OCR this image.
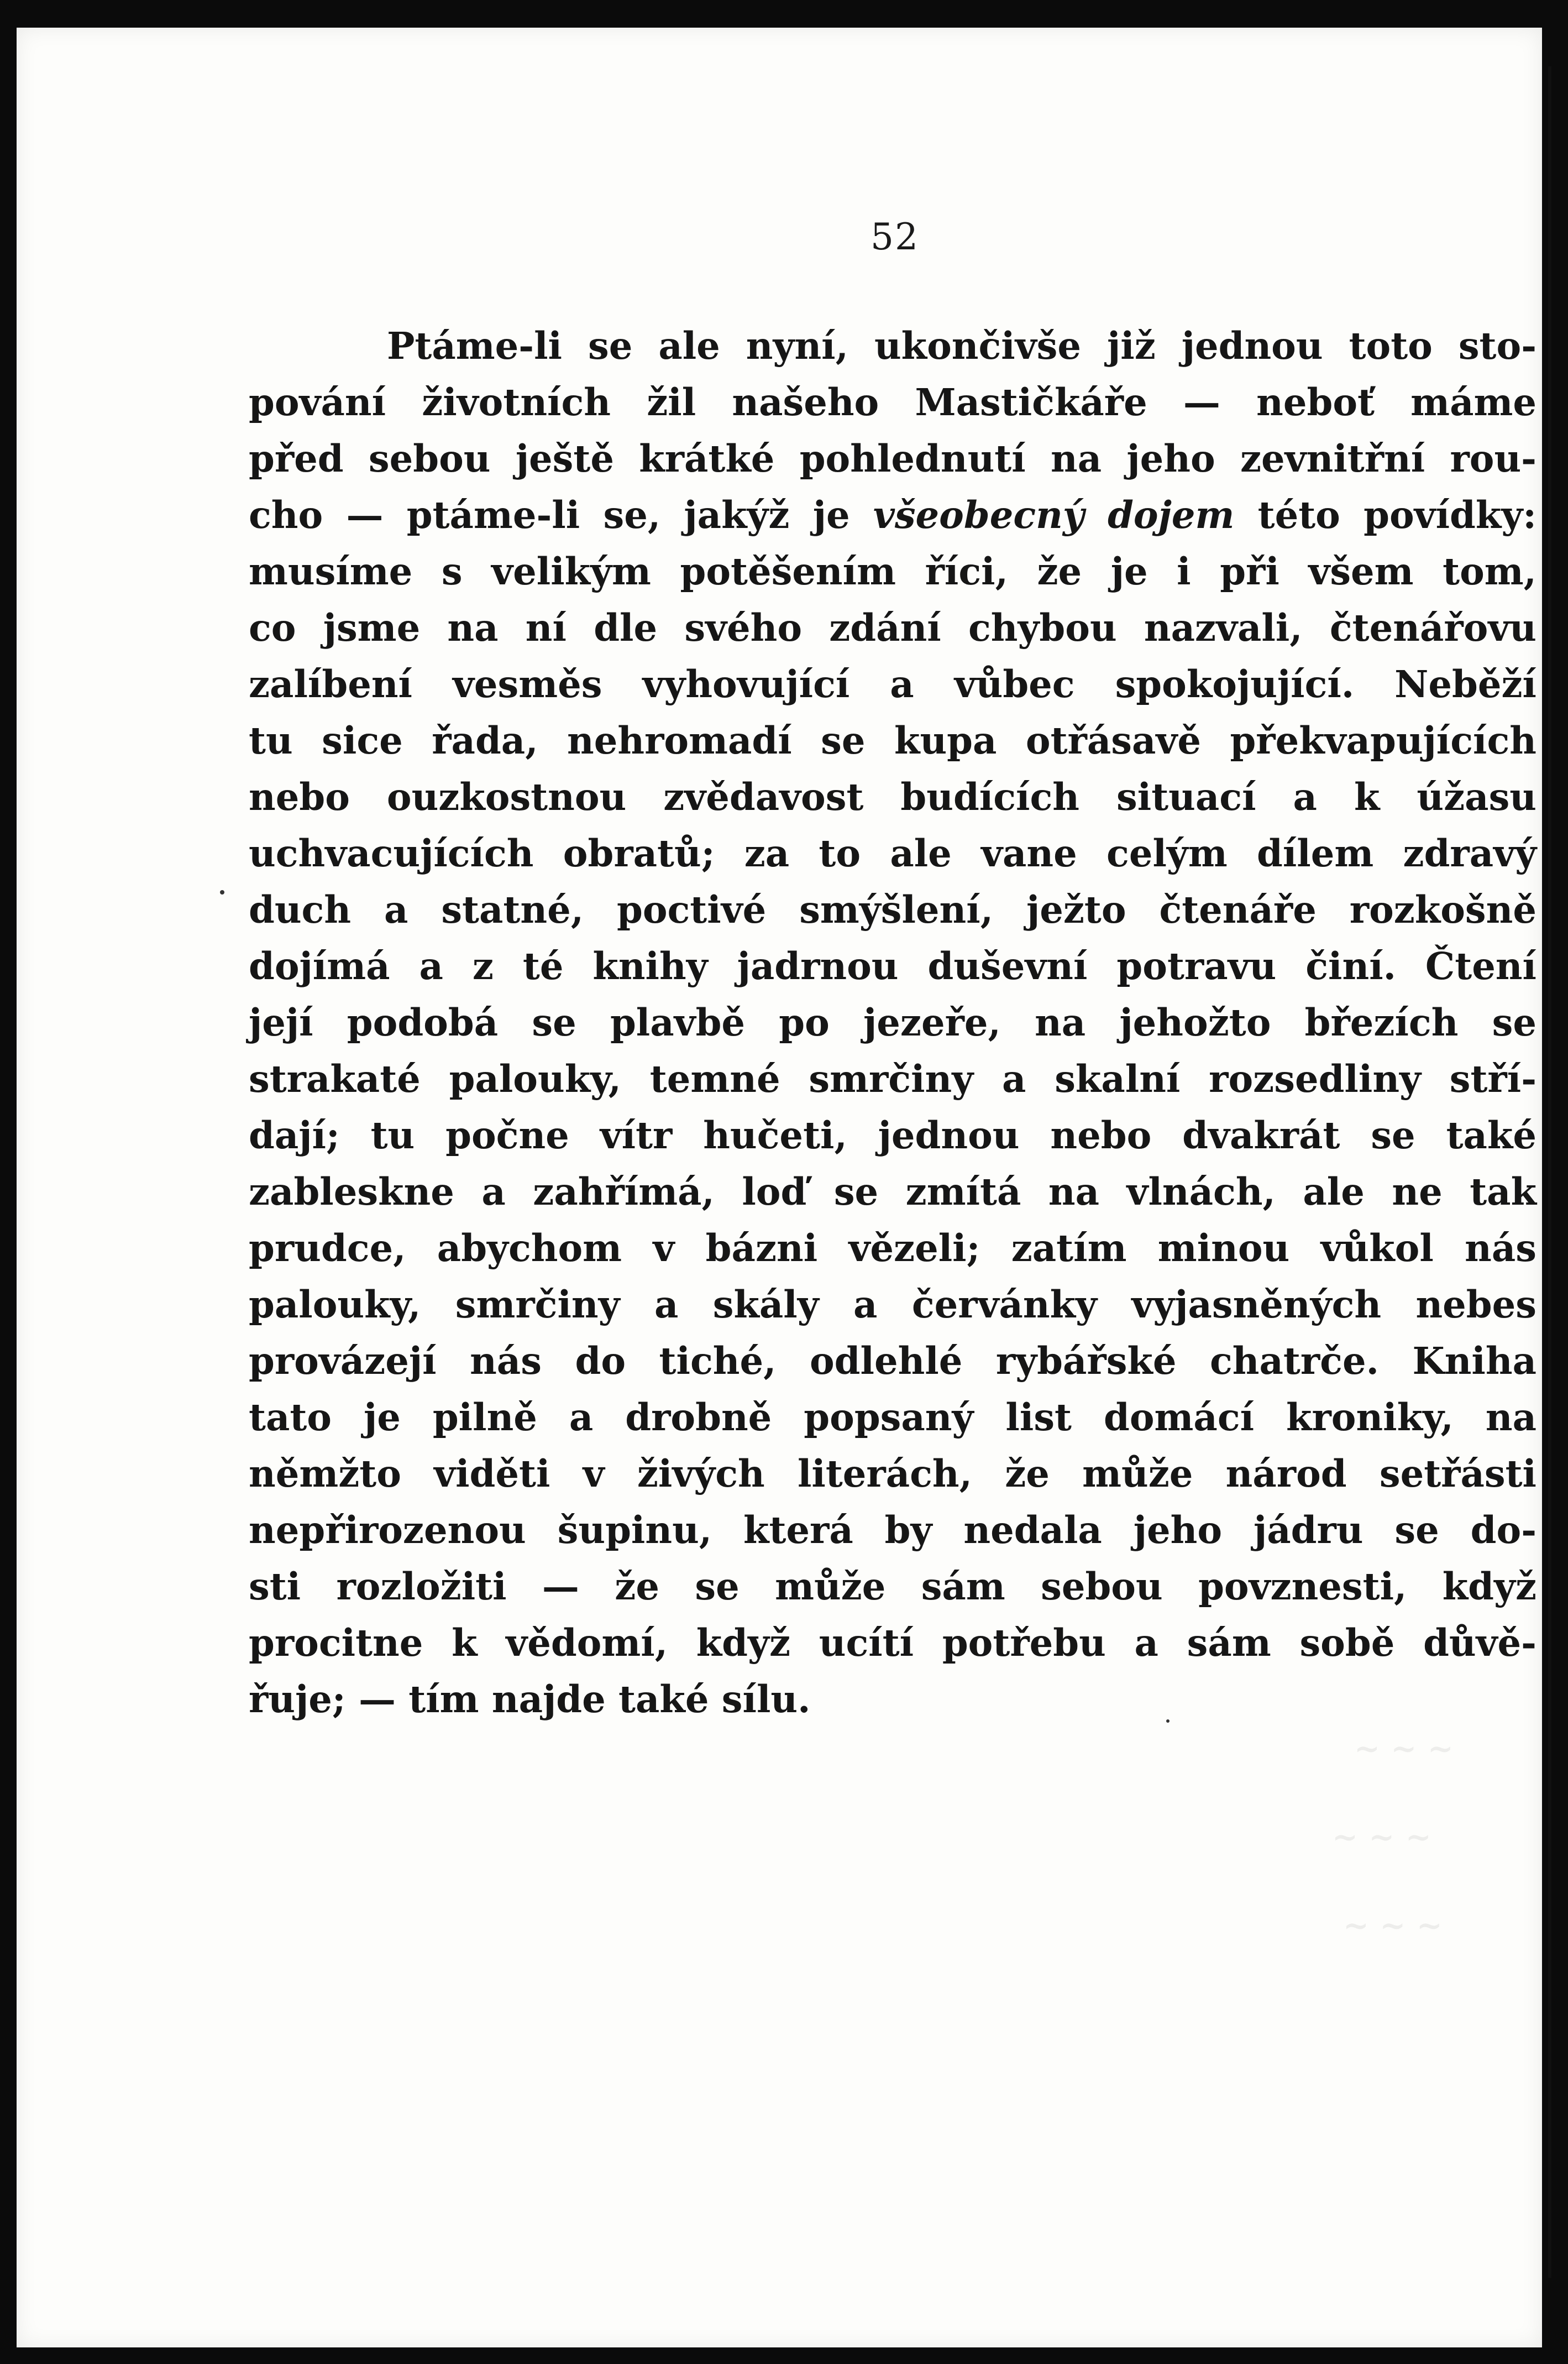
~ ~ ~
~ ~ ~
~ ~ ~
52
Ptáme-li se ale nyní, ukončivše již jednou toto sto-
pování životních žil našeho Mastičkáře — neboť máme
před sebou ještě krátké pohlednutí na jeho zevnitřní rou-
cho — ptáme-li se, jakýž je všeobecný dojem této povídky:
musíme s velikým potěšením říci, že je i při všem tom,
co jsme na ní dle svého zdání chybou nazvali, čtenářovu
zalíbení vesměs vyhovující a vůbec spokojující. Neběží
tu sice řada, nehromadí se kupa otřásavě překvapujících
nebo ouzkostnou zvědavost budících situací a k úžasu
uchvacujících obratů; za to ale vane celým dílem zdravý
duch a statné, poctivé smýšlení, ježto čtenáře rozkošně
dojímá a z té knihy jadrnou duševní potravu činí. Čtení
její podobá se plavbě po jezeře, na jehožto březích se
strakaté palouky, temné smrčiny a skalní rozsedliny stří-
dají; tu počne vítr hučeti, jednou nebo dvakrát se také
zableskne a zahřímá, loď se zmítá na vlnách, ale ne tak
prudce, abychom v bázni vězeli; zatím minou vůkol nás
palouky, smrčiny a skály a červánky vyjasněných nebes
provázejí nás do tiché, odlehlé rybářské chatrče. Kniha
tato je pilně a drobně popsaný list domácí kroniky, na
němžto viděti v živých literách, že může národ setřásti
nepřirozenou šupinu, která by nedala jeho jádru se do-
sti rozložiti — že se může sám sebou povznesti, když
procitne k vědomí, když ucítí potřebu a sám sobě důvě-
řuje; — tím najde také sílu.
